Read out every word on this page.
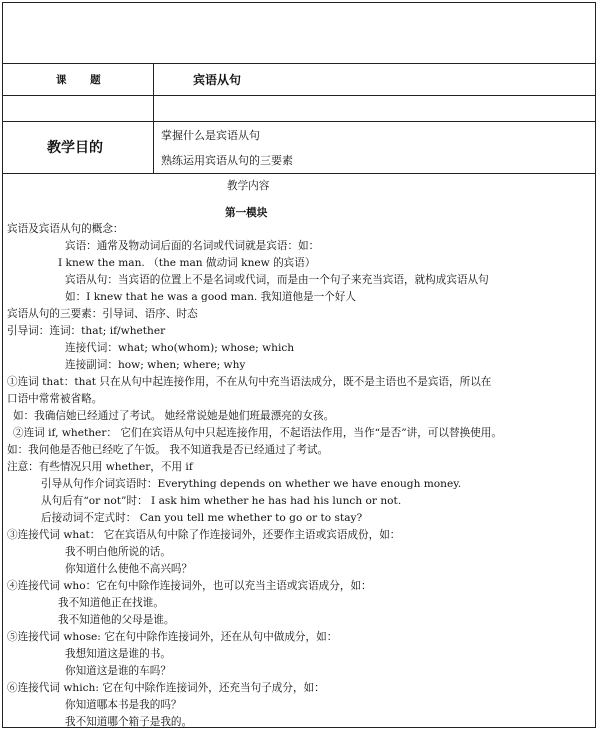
课 题	宾语从句
教学目的
掌握什么是宾语从句
熟练运用宾语从句的三要素
教学内容
第一模块
宾语及宾语从句的概念：
宾语：通常及物动词后面的名词或代词就是宾语：如：
I knew the man. （the man 做动词 knew 的宾语）
宾语从句：当宾语的位置上不是名词或代词，而是由一个句子来充当宾语，就构成宾语从句
如：I knew that he was a good man. 我知道他是一个好人
宾语从句的三要素：引导词、语序、时态
引导词：连词：that; if/whether
连接代词：what; who(whom); whose; which
连接副词：how; when; where; why
①连词 that：that 只在从句中起连接作用，不在从句中充当语法成分，既不是主语也不是宾语，所以在
口语中常常被省略。
如：我确信她已经通过了考试。 她经常说她是她们班最漂亮的女孩。
②连词 if, whether： 它们在宾语从句中只起连接作用，不起语法作用，当作“是否”讲，可以替换使用。
如：我问他是否他已经吃了午饭。 我不知道我是否已经通过了考试。
注意：有些情况只用 whether，不用 if
引导从句作介词宾语时：Everything depends on whether we have enough money.
从句后有“or not”时： I ask him whether he has had his lunch or not.
后接动词不定式时： Can you tell me whether to go or to stay?
③连接代词 what： 它在宾语从句中除了作连接词外，还要作主语或宾语成份，如：
我不明白他所说的话。
你知道什么使他不高兴吗？
④连接代词 who：它在句中除作连接词外，也可以充当主语或宾语成分，如：
我不知道他正在找谁。
我不知道他的父母是谁。
⑤连接代词 whose: 它在句中除作连接词外，还在从句中做成分，如：
我想知道这是谁的书。
你知道这是谁的车吗？
⑥连接代词 which: 它在句中除作连接词外，还充当句子成分，如：
你知道哪本书是我的吗？
我不知道哪个箱子是我的。
